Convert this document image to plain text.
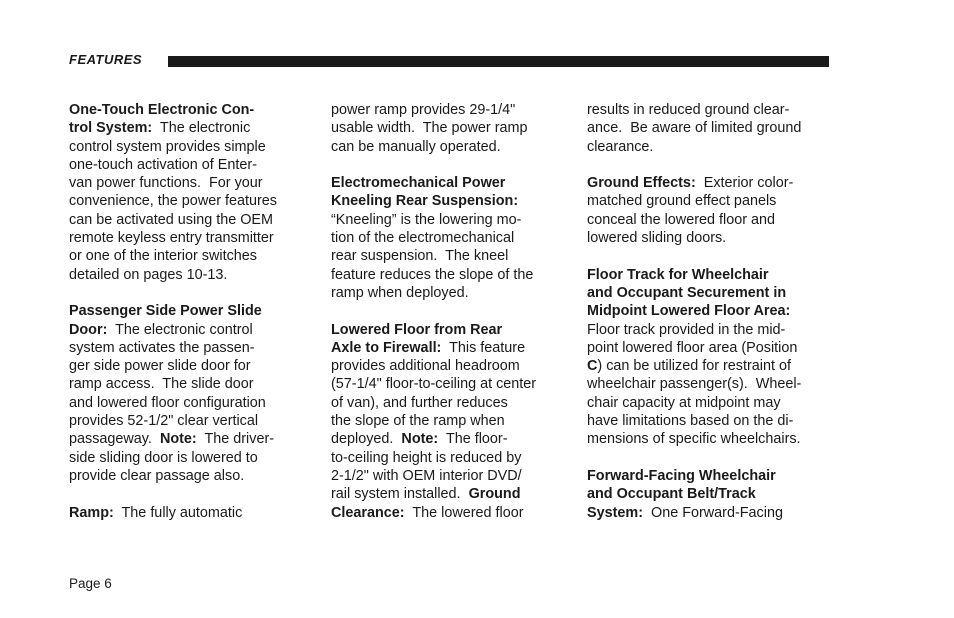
FEATURES

One-Touch Electronic Con-
trol System:  The electronic
control system provides simple
one-touch activation of Enter-
van power functions.  For your
convenience, the power features
can be activated using the OEM
remote keyless entry transmitter
or one of the interior switches
detailed on pages 10-13.

Passenger Side Power Slide
Door:  The electronic control
system activates the passen-
ger side power slide door for
ramp access.  The slide door
and lowered floor configuration
provides 52-1/2" clear vertical
passageway.  Note:  The driver-
side sliding door is lowered to
provide clear passage also.

Ramp:  The fully automatic

power ramp provides 29-1/4"
usable width.  The power ramp
can be manually operated.

Electromechanical Power
Kneeling Rear Suspension:
“Kneeling” is the lowering mo-
tion of the electromechanical
rear suspension.  The kneel
feature reduces the slope of the
ramp when deployed.

Lowered Floor from Rear
Axle to Firewall:  This feature
provides additional headroom
(57-1/4" floor-to-ceiling at center
of van), and further reduces
the slope of the ramp when
deployed.  Note:  The floor-
to-ceiling height is reduced by
2-1/2" with OEM interior DVD/
rail system installed.  Ground
Clearance:  The lowered floor

results in reduced ground clear-
ance.  Be aware of limited ground
clearance.

Ground Effects:  Exterior color-
matched ground effect panels
conceal the lowered floor and
lowered sliding doors.

Floor Track for Wheelchair
and Occupant Securement in
Midpoint Lowered Floor Area:
Floor track provided in the mid-
point lowered floor area (Position
C) can be utilized for restraint of
wheelchair passenger(s).  Wheel-
chair capacity at midpoint may
have limitations based on the di-
mensions of specific wheelchairs.

Forward-Facing Wheelchair
and Occupant Belt/Track
System:  One Forward-Facing

Page 6
